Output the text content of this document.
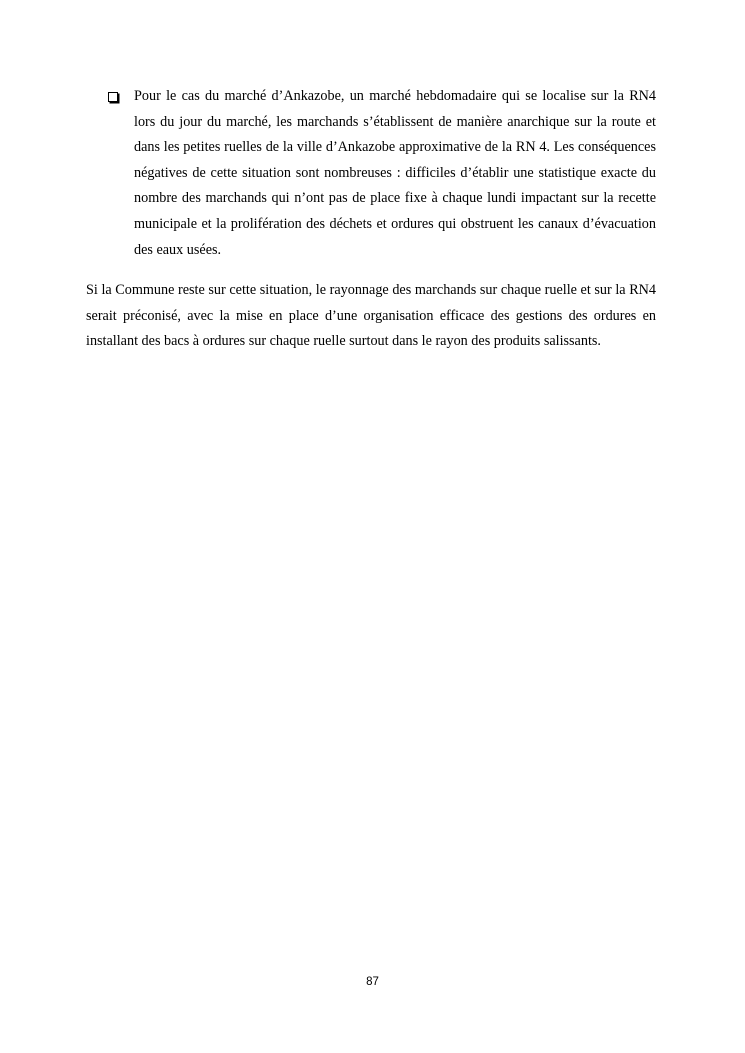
Pour le cas du marché d’Ankazobe, un marché hebdomadaire qui se localise sur la RN4 lors du jour du marché, les marchands s’établissent de manière anarchique sur la route et dans les petites ruelles de la ville d’Ankazobe approximative de la RN 4. Les conséquences négatives de cette situation sont nombreuses : difficiles d’établir une statistique exacte du nombre des marchands qui n’ont pas de place fixe à chaque lundi impactant sur la recette municipale et la prolifération des déchets et ordures qui obstruent les canaux d’évacuation des eaux usées.

Si la Commune reste sur cette situation, le rayonnage des marchands sur chaque ruelle et sur la RN4 serait préconisé, avec la mise en place d’une organisation efficace des gestions des ordures en installant des bacs à ordures sur chaque ruelle surtout dans le rayon des produits salissants.

87
